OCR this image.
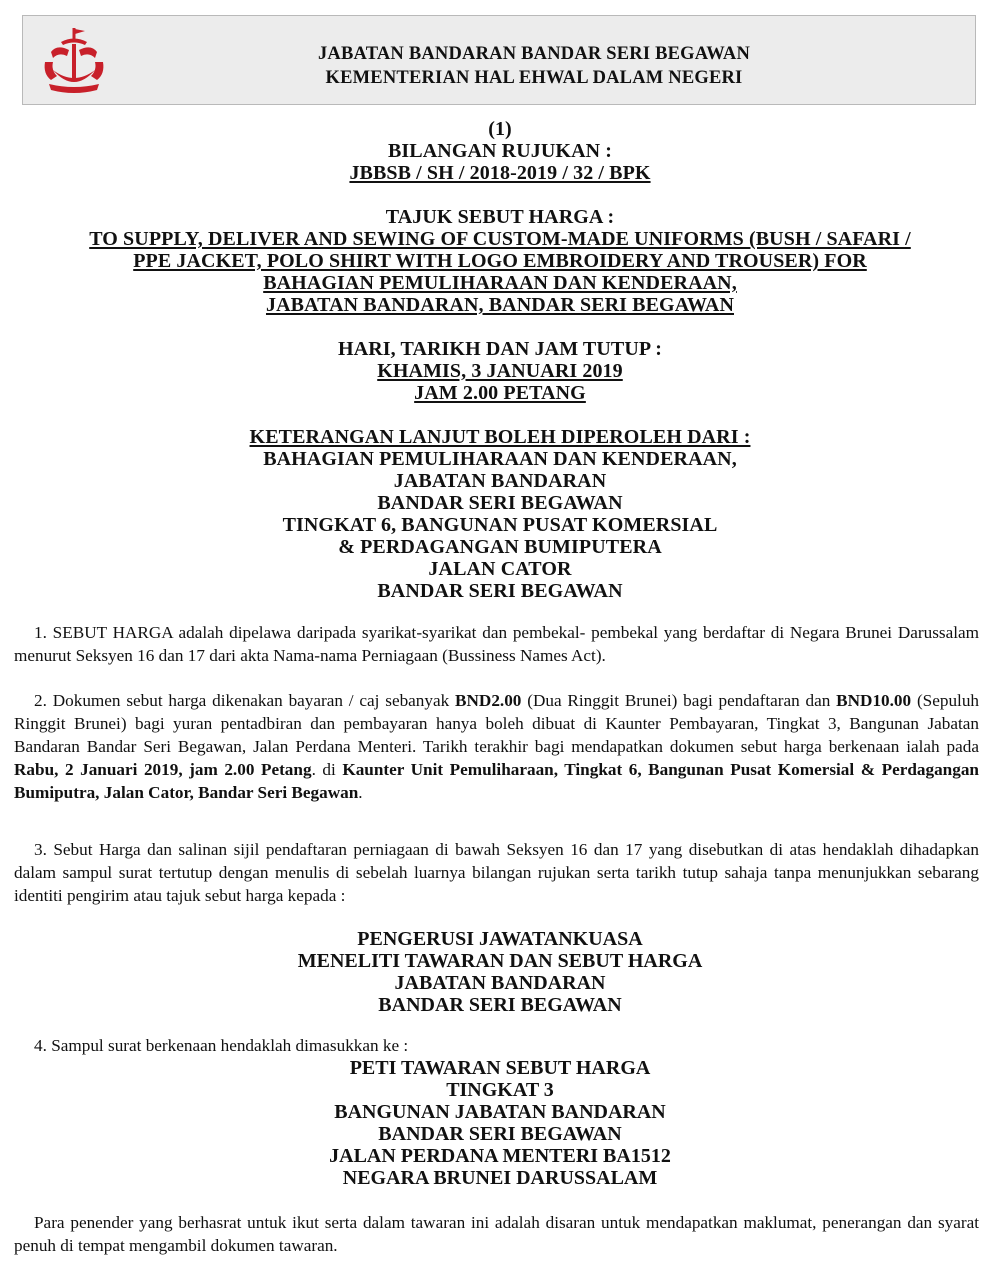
JABATAN BANDARAN BANDAR SERI BEGAWAN
KEMENTERIAN HAL EHWAL DALAM NEGERI
(1)
BILANGAN RUJUKAN :
JBBSB / SH / 2018-2019 / 32 / BPK
TAJUK SEBUT HARGA :
TO SUPPLY, DELIVER AND SEWING OF CUSTOM-MADE UNIFORMS (BUSH / SAFARI /
PPE JACKET, POLO SHIRT WITH LOGO EMBROIDERY AND TROUSER) FOR
BAHAGIAN PEMULIHARAAN DAN KENDERAAN,
JABATAN BANDARAN, BANDAR SERI BEGAWAN
HARI, TARIKH DAN JAM TUTUP :
KHAMIS, 3 JANUARI 2019
JAM 2.00 PETANG
KETERANGAN LANJUT BOLEH DIPEROLEH DARI :
BAHAGIAN PEMULIHARAAN DAN KENDERAAN,
JABATAN BANDARAN
BANDAR SERI BEGAWAN
TINGKAT 6, BANGUNAN PUSAT KOMERSIAL
& PERDAGANGAN BUMIPUTERA
JALAN CATOR
BANDAR SERI BEGAWAN
1. SEBUT HARGA adalah dipelawa daripada syarikat-syarikat dan pembekal- pembekal yang berdaftar di Negara Brunei Darussalam menurut Seksyen 16 dan 17 dari akta Nama-nama Perniagaan (Bussiness Names Act).
2. Dokumen sebut harga dikenakan bayaran / caj sebanyak BND2.00 (Dua Ringgit Brunei) bagi pendaftaran dan BND10.00 (Sepuluh Ringgit Brunei) bagi yuran pentadbiran dan pembayaran hanya boleh dibuat di Kaunter Pembayaran, Tingkat 3, Bangunan Jabatan Bandaran Bandar Seri Begawan, Jalan Perdana Menteri. Tarikh terakhir bagi mendapatkan dokumen sebut harga berkenaan ialah pada Rabu, 2 Januari 2019, jam 2.00 Petang. di Kaunter Unit Pemuliharaan, Tingkat 6, Bangunan Pusat Komersial & Perdagangan Bumiputra, Jalan Cator, Bandar Seri Begawan.
3. Sebut Harga dan salinan sijil pendaftaran perniagaan di bawah Seksyen 16 dan 17 yang disebutkan di atas hendaklah dihadapkan dalam sampul surat tertutup dengan menulis di sebelah luarnya bilangan rujukan serta tarikh tutup sahaja tanpa menunjukkan sebarang identiti pengirim atau tajuk sebut harga kepada :
PENGERUSI JAWATANKUASA
MENELITI TAWARAN DAN SEBUT HARGA
JABATAN BANDARAN
BANDAR SERI BEGAWAN
4. Sampul surat berkenaan hendaklah dimasukkan ke :
PETI TAWARAN SEBUT HARGA
TINGKAT 3
BANGUNAN JABATAN BANDARAN
BANDAR SERI BEGAWAN
JALAN PERDANA MENTERI BA1512
NEGARA BRUNEI DARUSSALAM
Para penender yang berhasrat untuk ikut serta dalam tawaran ini adalah disaran untuk mendapatkan maklumat, penerangan dan syarat penuh di tempat mengambil dokumen tawaran.
